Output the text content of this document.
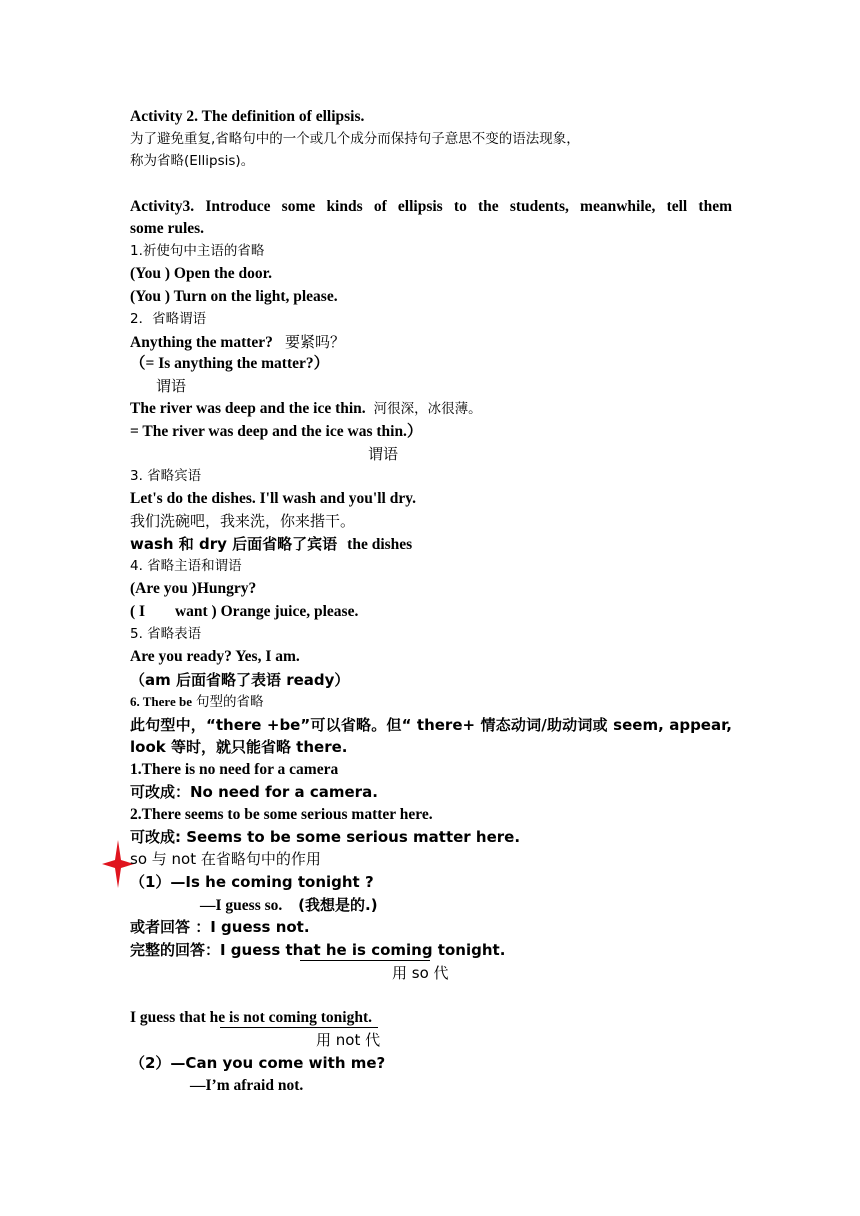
Activity 2. The definition of ellipsis.
为了避免重复,省略句中的一个或几个成分而保持句子意思不变的语法现象，
称为省略(Ellipsis)。
Activity3. Introduce some kinds of ellipsis to the students, meanwhile, tell them
some rules.
1.祈使句中主语的省略
(You ) Open the door.
(You ) Turn on the light, please.
2．省略谓语
Anything the matter? 要紧吗？
（= Is anything the matter?）
谓语
The river was deep and the ice thin. 河很深，冰很薄。
= The river was deep and the ice was thin.）
谓语
3. 省略宾语
Let's do the dishes. I'll wash and you'll dry.
我们洗碗吧，我来洗，你来揩干。
wash 和 dry 后面省略了宾语 the dishes
4. 省略主语和谓语
(Are you )Hungry?
( I want ) Orange juice, please.
5. 省略表语
Are you ready? Yes, I am.
（am 后面省略了表语 ready）
6. There be 句型的省略
此句型中，“there +be”可以省略。但“ there+ 情态动词/助动词或 seem, appear,
look 等时，就只能省略 there.
1.There is no need for a camera
可改成：No need for a camera.
2.There seems to be some serious matter here.
可改成: Seems to be some serious matter here.
so 与 not 在省略句中的作用
（1）—Is he coming tonight ?
—I guess so. (我想是的.)
或者回答 ：I guess not.
完整的回答：I guess that he is coming tonight.
用 so 代
I guess that he is not coming tonight.
用 not 代
（2）—Can you come with me?
—I’m afraid not.
